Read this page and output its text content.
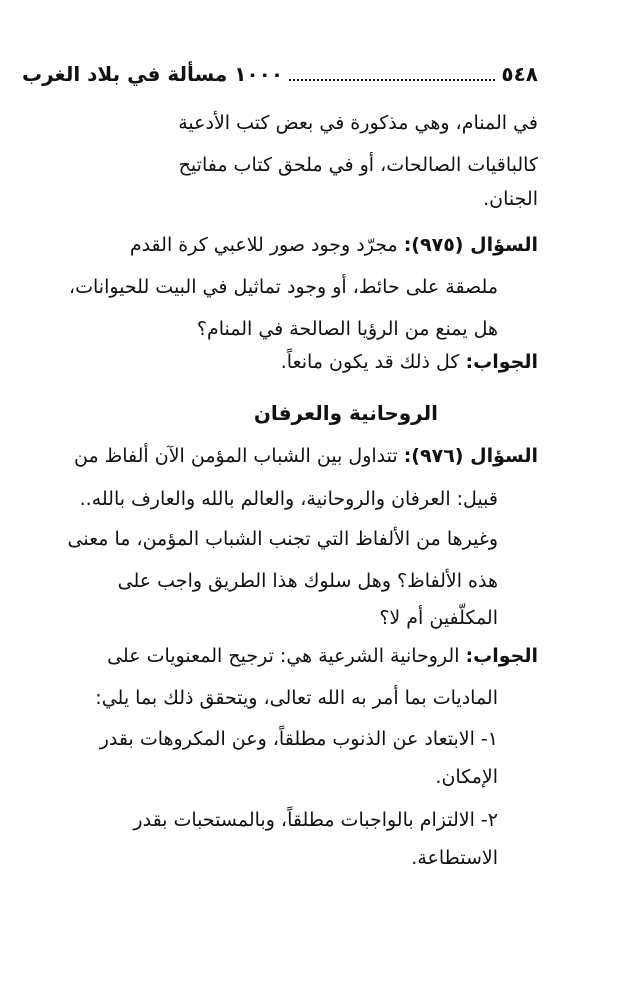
٥٤٨
١٠٠٠ مسألة في بلاد الغرب
في المنام، وهي مذكورة في بعض كتب الأدعية
كالباقيات الصالحات، أو في ملحق كتاب مفاتيح
الجنان.
السؤال (٩٧٥): مجرّد وجود صور للاعبي كرة القدم
ملصقة على حائط، أو وجود تماثيل في البيت للحيوانات،
هل يمنع من الرؤيا الصالحة في المنام؟
الجواب: كل ذلك قد يكون مانعاً.
الروحانية والعرفان
السؤال (٩٧٦): تتداول بين الشباب المؤمن الآن ألفاظ من
قبيل: العرفان والروحانية، والعالم بالله والعارف بالله..
وغيرها من الألفاظ التي تجنب الشباب المؤمن، ما معنى
هذه الألفاظ؟ وهل سلوك هذا الطريق واجب على
المكلّفين أم لا؟
الجواب: الروحانية الشرعية هي: ترجيح المعنويات على
الماديات بما أمر به الله تعالى، ويتحقق ذلك بما يلي:
١- الابتعاد عن الذنوب مطلقاً، وعن المكروهات بقدر
الإمكان.
٢- الالتزام بالواجبات مطلقاً، وبالمستحبات بقدر
الاستطاعة.
